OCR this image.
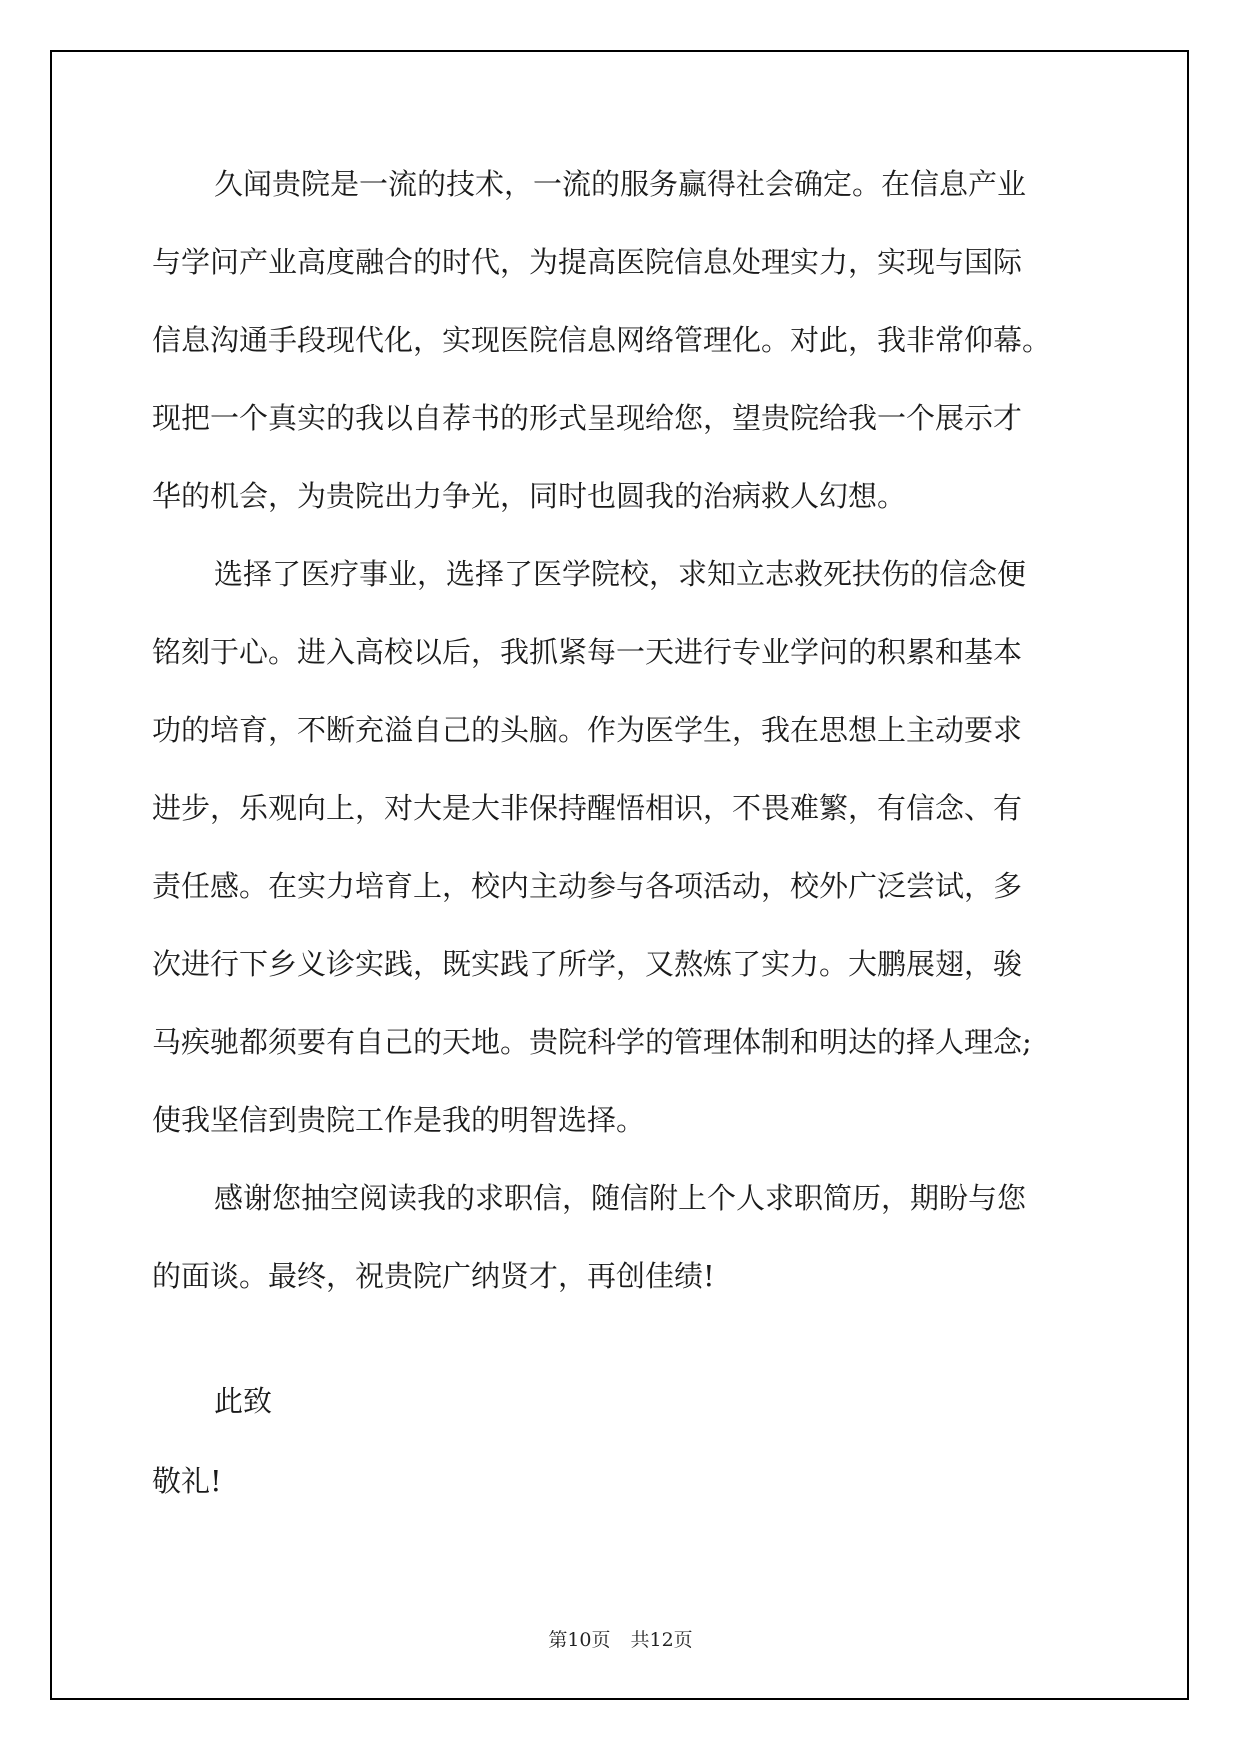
久闻贵院是一流的技术，一流的服务赢得社会确定。在信息产业
与学问产业高度融合的时代，为提高医院信息处理实力，实现与国际
信息沟通手段现代化，实现医院信息网络管理化。对此，我非常仰幕。
现把一个真实的我以自荐书的形式呈现给您，望贵院给我一个展示才
华的机会，为贵院出力争光，同时也圆我的治病救人幻想。
选择了医疗事业，选择了医学院校，求知立志救死扶伤的信念便
铭刻于心。进入高校以后，我抓紧每一天进行专业学问的积累和基本
功的培育，不断充溢自己的头脑。作为医学生，我在思想上主动要求
进步，乐观向上，对大是大非保持醒悟相识，不畏难繁，有信念、有
责任感。在实力培育上，校内主动参与各项活动，校外广泛尝试，多
次进行下乡义诊实践，既实践了所学，又熬炼了实力。大鹏展翅，骏
马疾驰都须要有自己的天地。贵院科学的管理体制和明达的择人理念;
使我坚信到贵院工作是我的明智选择。
感谢您抽空阅读我的求职信，随信附上个人求职简历，期盼与您
的面谈。最终，祝贵院广纳贤才，再创佳绩!
此致
敬礼!
第10页 共12页
